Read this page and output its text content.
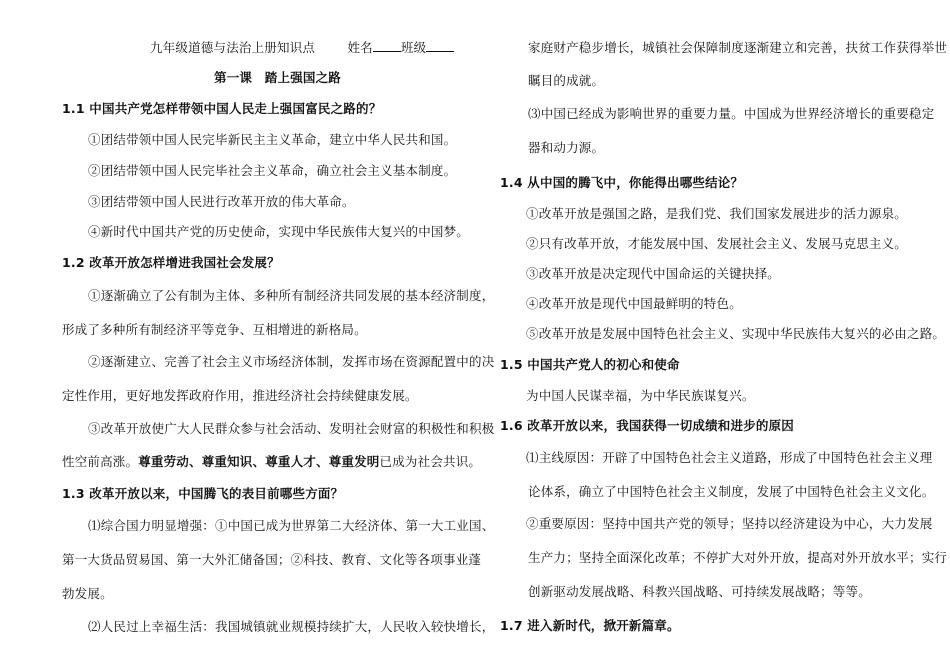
九年级道德与法治上册知识点	姓名 班级
第一课　踏上强国之路
1.1 中国共产党怎样带领中国人民走上强国富民之路的？
①团结带领中国人民完毕新民主主义革命，建立中华人民共和国。
②团结带领中国人民完毕社会主义革命，确立社会主义基本制度。
③团结带领中国人民进行改革开放的伟大革命。
④新时代中国共产党的历史使命，实现中华民族伟大复兴的中国梦。
1.2 改革开放怎样增进我国社会发展？
①逐渐确立了公有制为主体、多种所有制经济共同发展的基本经济制度，
形成了多种所有制经济平等竞争、互相增进的新格局。
②逐渐建立、完善了社会主义市场经济体制，发挥市场在资源配置中的决
定性作用，更好地发挥政府作用，推进经济社会持续健康发展。
③改革开放使广大人民群众参与社会活动、发明社会财富的积极性和积极
性空前高涨。尊重劳动、尊重知识、尊重人才、尊重发明已成为社会共识。
1.3 改革开放以来，中国腾飞的表目前哪些方面？
⑴综合国力明显增强：①中国已成为世界第二大经济体、第一大工业国、
第一大货品贸易国、第一大外汇储备国；②科技、教育、文化等各项事业蓬
勃发展。
⑵人民过上幸福生活：我国城镇就业规模持续扩大，人民收入较快增长，
家庭财产稳步增长，城镇社会保障制度逐渐建立和完善，扶贫工作获得举世
瞩目的成就。
⑶中国已经成为影响世界的重要力量。中国成为世界经济增长的重要稳定
器和动力源。
1.4 从中国的腾飞中，你能得出哪些结论？
①改革开放是强国之路，是我们党、我们国家发展进步的活力源泉。
②只有改革开放，才能发展中国、发展社会主义、发展马克思主义。
③改革开放是决定现代中国命运的关键抉择。
④改革开放是现代中国最鲜明的特色。
⑤改革开放是发展中国特色社会主义、实现中华民族伟大复兴的必由之路。
1.5 中国共产党人的初心和使命
为中国人民谋幸福，为中华民族谋复兴。
1.6 改革开放以来，我国获得一切成绩和进步的原因
⑴主线原因：开辟了中国特色社会主义道路，形成了中国特色社会主义理
论体系，确立了中国特色社会主义制度，发展了中国特色社会主义文化。
②重要原因：坚持中国共产党的领导；坚持以经济建设为中心，大力发展
生产力；坚持全面深化改革；不停扩大对外开放，提高对外开放水平；实行
创新驱动发展战略、科教兴国战略、可持续发展战略；等等。
1.7 进入新时代，掀开新篇章。
